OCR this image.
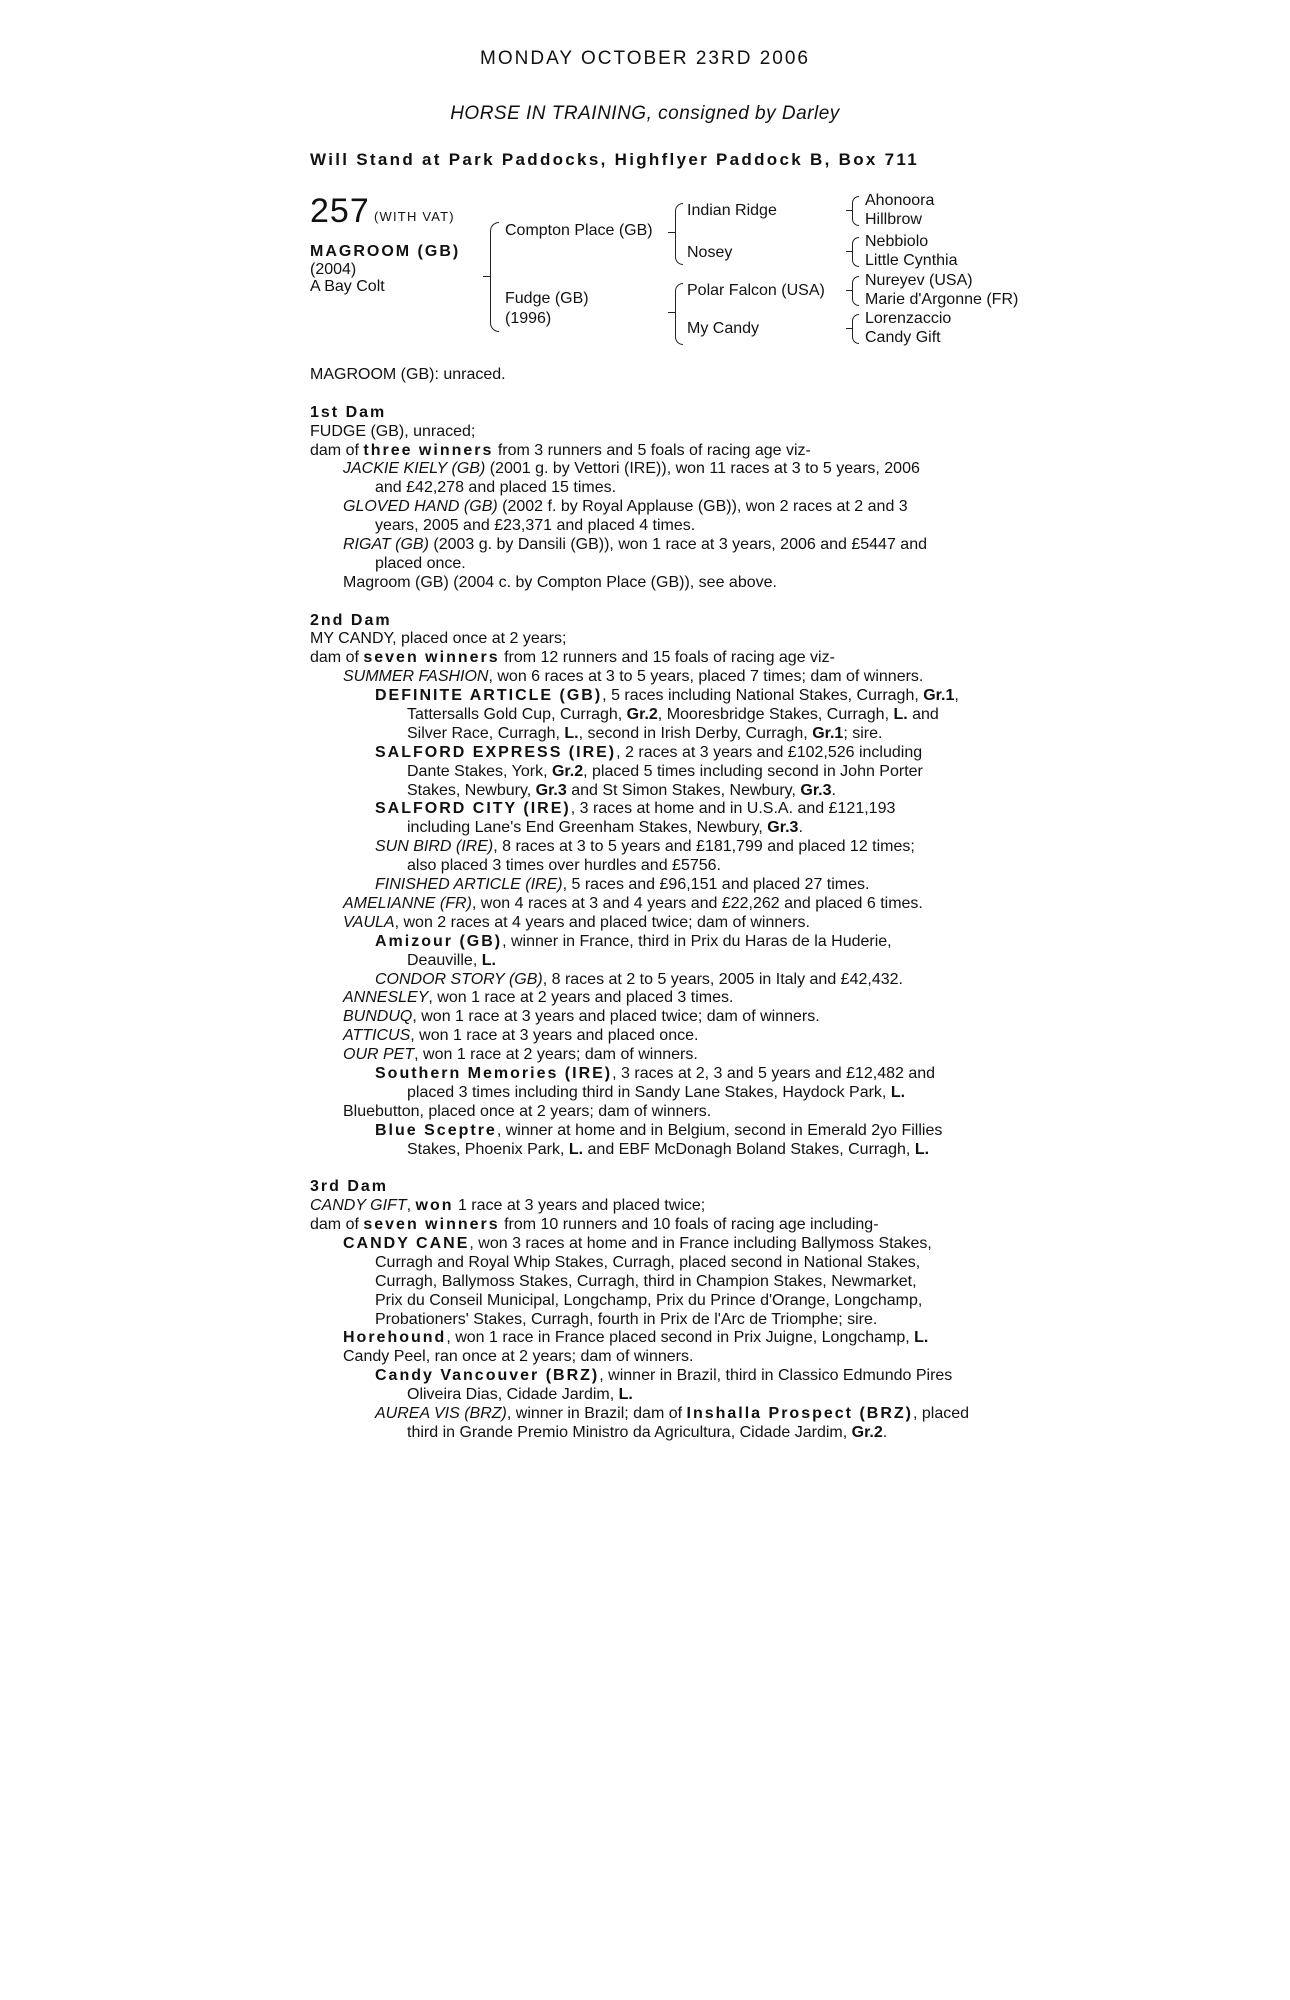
MONDAY OCTOBER 23RD 2006
HORSE IN TRAINING, consigned by Darley
Will Stand at Park Paddocks, Highflyer Paddock B, Box 711
257 (WITH VAT)
MAGROOM (GB)
(2004)
A Bay Colt
Compton Place (GB)
Fudge (GB)
(1996)
Indian Ridge
Nosey
Polar Falcon (USA)
My Candy
Ahonoora
Hillbrow
Nebbiolo
Little Cynthia
Nureyev (USA)
Marie d'Argonne (FR)
Lorenzaccio
Candy Gift
MAGROOM (GB): unraced.
1st Dam
FUDGE (GB), unraced;
dam of three winners from 3 runners and 5 foals of racing age viz-
JACKIE KIELY (GB) (2001 g. by Vettori (IRE)), won 11 races at 3 to 5 years, 2006
and £42,278 and placed 15 times.
GLOVED HAND (GB) (2002 f. by Royal Applause (GB)), won 2 races at 2 and 3
years, 2005 and £23,371 and placed 4 times.
RIGAT (GB) (2003 g. by Dansili (GB)), won 1 race at 3 years, 2006 and £5447 and
placed once.
Magroom (GB) (2004 c. by Compton Place (GB)), see above.
2nd Dam
MY CANDY, placed once at 2 years;
dam of seven winners from 12 runners and 15 foals of racing age viz-
SUMMER FASHION, won 6 races at 3 to 5 years, placed 7 times; dam of winners.
DEFINITE ARTICLE (GB), 5 races including National Stakes, Curragh, Gr.1,
Tattersalls Gold Cup, Curragh, Gr.2, Mooresbridge Stakes, Curragh, L. and
Silver Race, Curragh, L., second in Irish Derby, Curragh, Gr.1; sire.
SALFORD EXPRESS (IRE), 2 races at 3 years and £102,526 including
Dante Stakes, York, Gr.2, placed 5 times including second in John Porter
Stakes, Newbury, Gr.3 and St Simon Stakes, Newbury, Gr.3.
SALFORD CITY (IRE), 3 races at home and in U.S.A. and £121,193
including Lane's End Greenham Stakes, Newbury, Gr.3.
SUN BIRD (IRE), 8 races at 3 to 5 years and £181,799 and placed 12 times;
also placed 3 times over hurdles and £5756.
FINISHED ARTICLE (IRE), 5 races and £96,151 and placed 27 times.
AMELIANNE (FR), won 4 races at 3 and 4 years and £22,262 and placed 6 times.
VAULA, won 2 races at 4 years and placed twice; dam of winners.
Amizour (GB), winner in France, third in Prix du Haras de la Huderie,
Deauville, L.
CONDOR STORY (GB), 8 races at 2 to 5 years, 2005 in Italy and £42,432.
ANNESLEY, won 1 race at 2 years and placed 3 times.
BUNDUQ, won 1 race at 3 years and placed twice; dam of winners.
ATTICUS, won 1 race at 3 years and placed once.
OUR PET, won 1 race at 2 years; dam of winners.
Southern Memories (IRE), 3 races at 2, 3 and 5 years and £12,482 and
placed 3 times including third in Sandy Lane Stakes, Haydock Park, L.
Bluebutton, placed once at 2 years; dam of winners.
Blue Sceptre, winner at home and in Belgium, second in Emerald 2yo Fillies
Stakes, Phoenix Park, L. and EBF McDonagh Boland Stakes, Curragh, L.
3rd Dam
CANDY GIFT, won 1 race at 3 years and placed twice;
dam of seven winners from 10 runners and 10 foals of racing age including-
CANDY CANE, won 3 races at home and in France including Ballymoss Stakes,
Curragh and Royal Whip Stakes, Curragh, placed second in National Stakes,
Curragh, Ballymoss Stakes, Curragh, third in Champion Stakes, Newmarket,
Prix du Conseil Municipal, Longchamp, Prix du Prince d'Orange, Longchamp,
Probationers' Stakes, Curragh, fourth in Prix de l'Arc de Triomphe; sire.
Horehound, won 1 race in France placed second in Prix Juigne, Longchamp, L.
Candy Peel, ran once at 2 years; dam of winners.
Candy Vancouver (BRZ), winner in Brazil, third in Classico Edmundo Pires
Oliveira Dias, Cidade Jardim, L.
AUREA VIS (BRZ), winner in Brazil; dam of Inshalla Prospect (BRZ), placed
third in Grande Premio Ministro da Agricultura, Cidade Jardim, Gr.2.
